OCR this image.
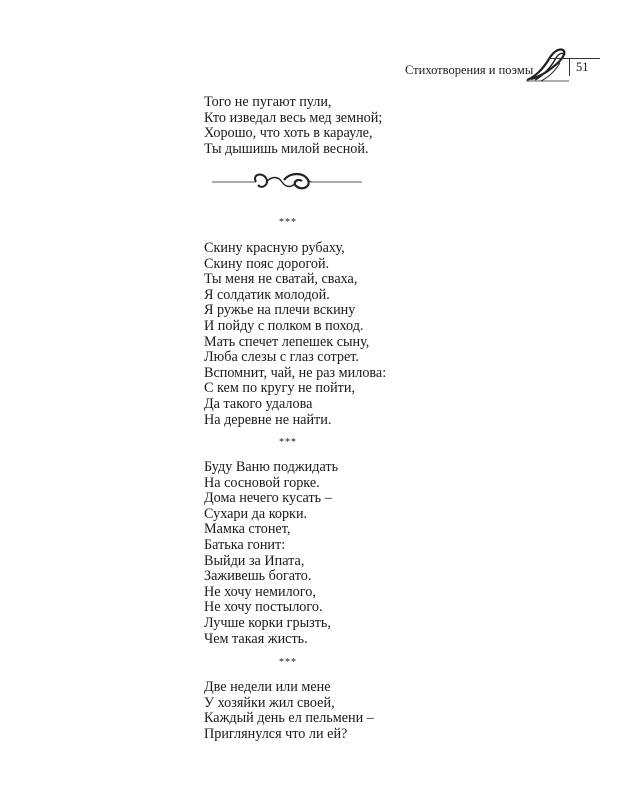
Стихотворения и поэмы	51
Того не пугают пули,
Кто изведал весь мед земной;
Хорошо, что хоть в карауле,
Ты дышишь милой весной.
***
Скину красную рубаху,
Скину пояс дорогой.
Ты меня не сватай, сваха,
Я солдатик молодой.
Я ружье на плечи вскину
И пойду с полком в поход.
Мать спечет лепешек сыну,
Люба слезы с глаз сотрет.
Вспомнит, чай, не раз милова:
С кем по кругу не пойти,
Да такого удалова
На деревне не найти.
***
Буду Ваню поджидать
На сосновой горке.
Дома нечего кусать –
Сухари да корки.
Мамка стонет,
Батька гонит:
Выйди за Ипата,
Заживешь богато.
Не хочу немилого,
Не хочу постылого.
Лучше корки грызть,
Чем такая жисть.
***
Две недели или мене
У хозяйки жил своей,
Каждый день ел пельмени –
Приглянулся что ли ей?
